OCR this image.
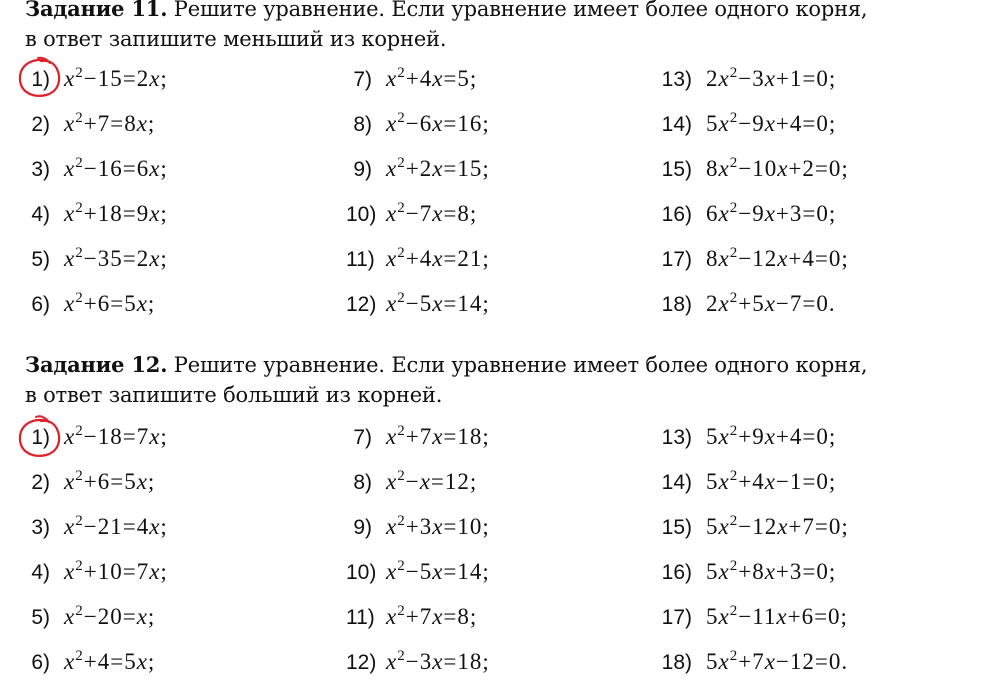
Задание 11. Решите уравнение. Если уравнение имеет более одного корня,
в ответ запишите меньший из корней.
1) $x^2-15=2x$;	7) $x^2+4x=5$;	13) $2x^2-3x+1=0$;
2) $x^2+7=8x$;	8) $x^2-6x=16$;	14) $5x^2-9x+4=0$;
3) $x^2-16=6x$;	9) $x^2+2x=15$;	15) $8x^2-10x+2=0$;
4) $x^2+18=9x$;	10) $x^2-7x=8$;	16) $6x^2-9x+3=0$;
5) $x^2-35=2x$;	11) $x^2+4x=21$;	17) $8x^2-12x+4=0$;
6) $x^2+6=5x$;	12) $x^2-5x=14$;	18) $2x^2+5x-7=0$.
Задание 12. Решите уравнение. Если уравнение имеет более одного корня,
в ответ запишите больший из корней.
1) $x^2-18=7x$;	7) $x^2+7x=18$;	13) $5x^2+9x+4=0$;
2) $x^2+6=5x$;	8) $x^2-x=12$;	14) $5x^2+4x-1=0$;
3) $x^2-21=4x$;	9) $x^2+3x=10$;	15) $5x^2-12x+7=0$;
4) $x^2+10=7x$;	10) $x^2-5x=14$;	16) $5x^2+8x+3=0$;
5) $x^2-20=x$;	11) $x^2+7x=8$;	17) $5x^2-11x+6=0$;
6) $x^2+4=5x$;	12) $x^2-3x=18$;	18) $5x^2+7x-12=0$.
